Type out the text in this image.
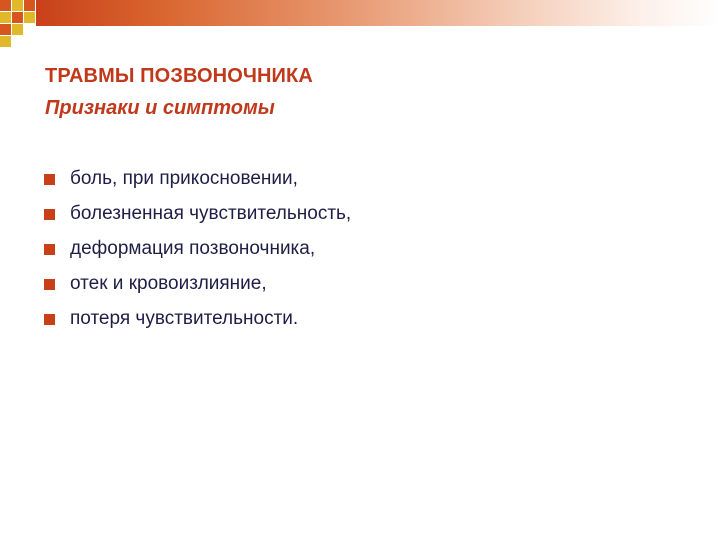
ТРАВМЫ ПОЗВОНОЧНИКА
Признаки и симптомы
боль, при прикосновении,
болезненная чувствительность,
деформация позвоночника,
отек и кровоизлияние,
потеря чувствительности.
